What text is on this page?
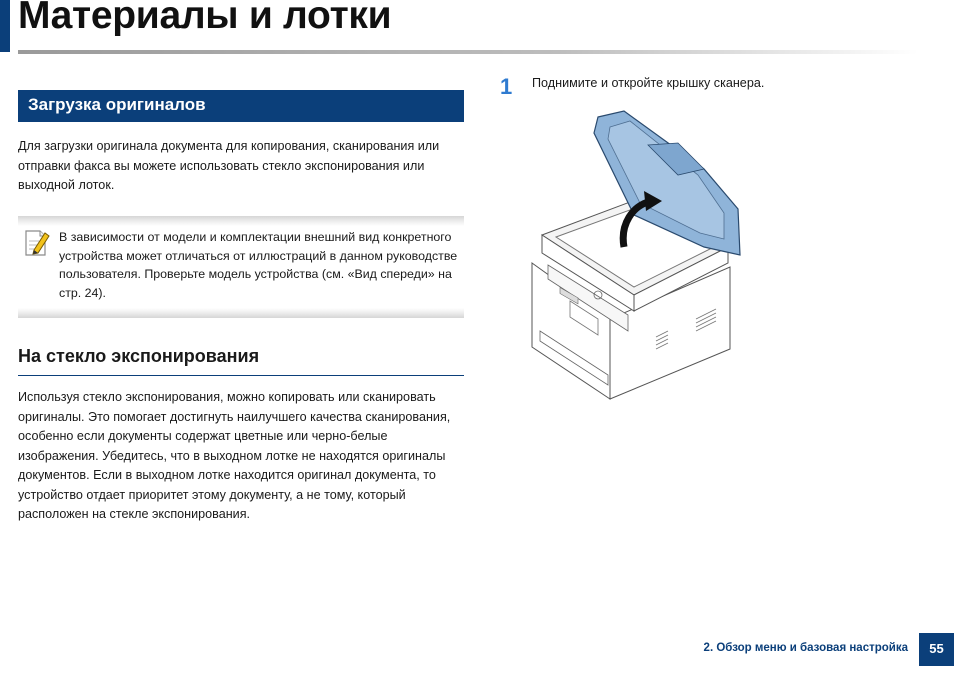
Материалы и лотки
Загрузка оригиналов

Для загрузки оригинала документа для копирования, сканирования или отправки факса вы можете использовать стекло экспонирования или выходной лоток.

В зависимости от модели и комплектации внешний вид конкретного устройства может отличаться от иллюстраций в данном руководстве пользователя. Проверьте модель устройства (см. «Вид спереди» на стр. 24).

На стекло экспонирования

Используя стекло экспонирования, можно копировать или сканировать оригиналы. Это помогает достигнуть наилучшего качества сканирования, особенно если документы содержат цветные или черно-белые изображения. Убедитесь, что в выходном лотке не находятся оригиналы документов. Если в выходном лотке находится оригинал документа, то устройство отдает приоритет этому документу, а не тому, который расположен на стекле экспонирования.

1 Поднимите и откройте крышку сканера.

2. Обзор меню и базовая настройка	55
